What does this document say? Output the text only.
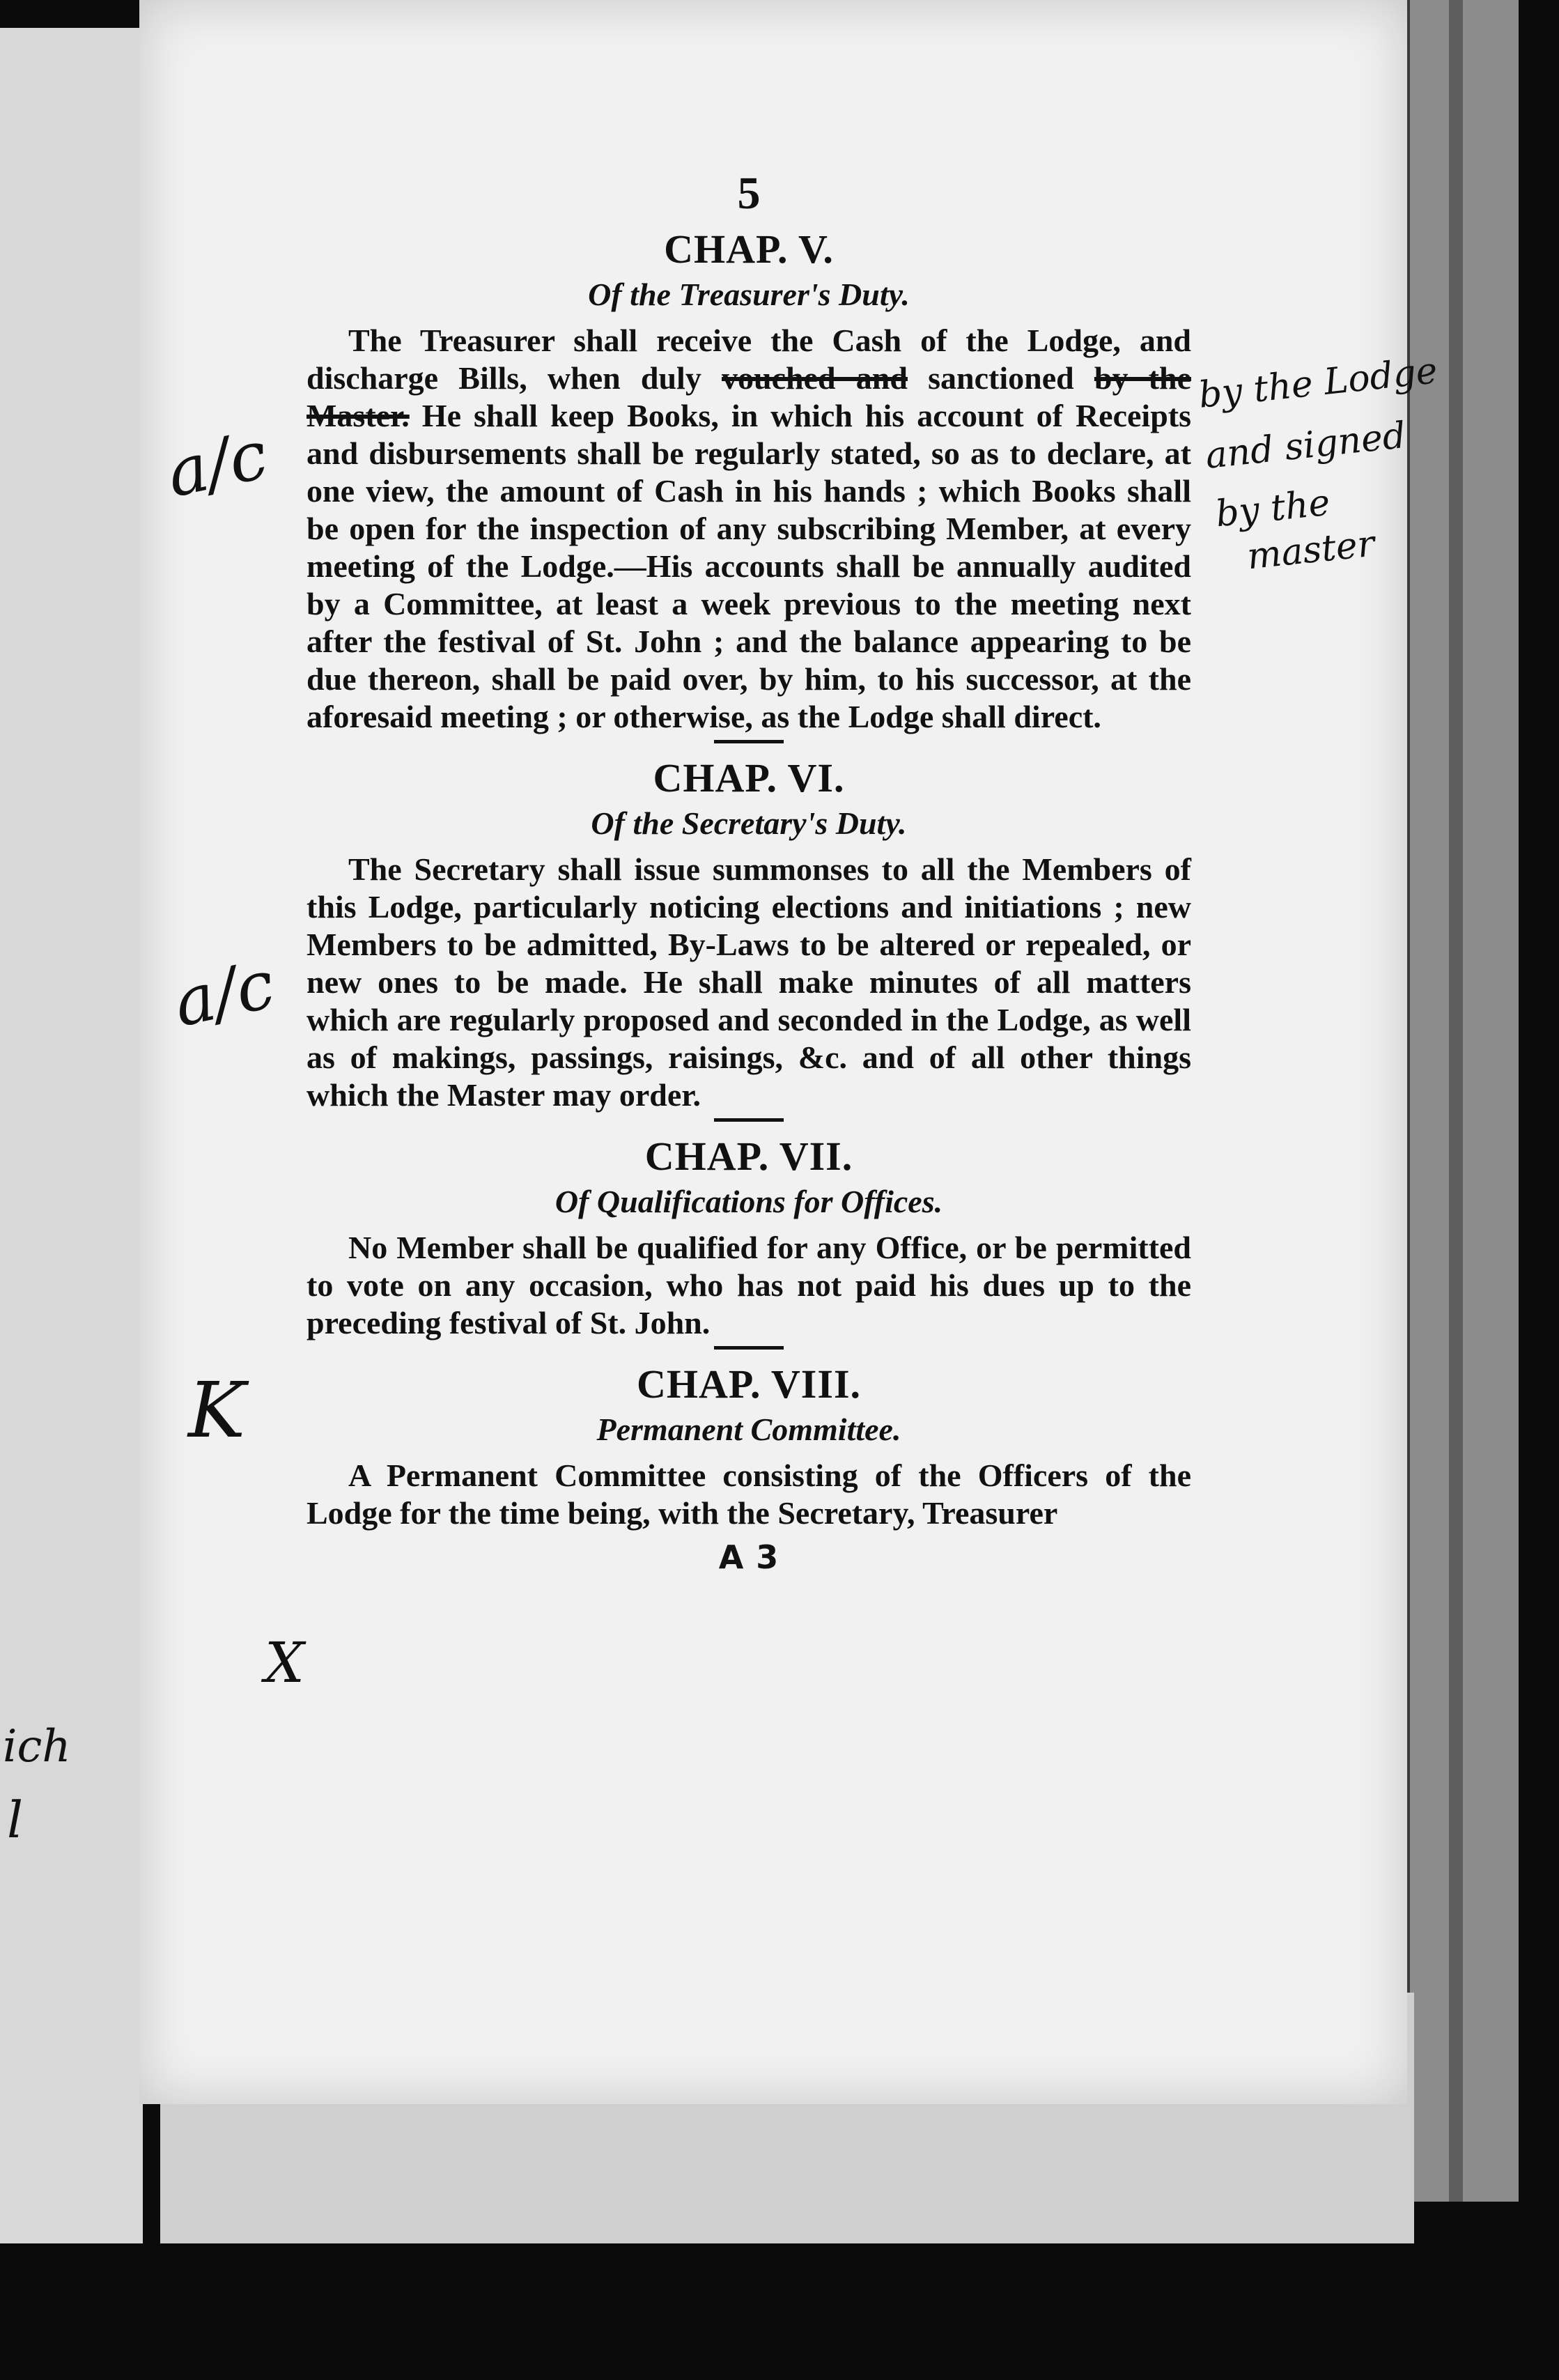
5

CHAP. V.

Of the Treasurer's Duty.

The Treasurer shall receive the Cash of the Lodge, and discharge Bills, when duly vouched and sanctioned by the Master. He shall keep Books, in which his account of Receipts and disbursements shall be regularly stated, so as to declare, at one view, the amount of Cash in his hands ; which Books shall be open for the inspection of any subscribing Member, at every meeting of the Lodge.—His accounts shall be annually audited by a Committee, at least a week previous to the meeting next after the festival of St. John ; and the balance appearing to be due thereon, shall be paid over, by him, to his successor, at the aforesaid meeting ; or otherwise, as the Lodge shall direct.

CHAP. VI.

Of the Secretary's Duty.

The Secretary shall issue summonses to all the Members of this Lodge, particularly noticing elections and initiations ; new Members to be admitted, By-Laws to be altered or repealed, or new ones to be made. He shall make minutes of all matters which are regularly proposed and seconded in the Lodge, as well as of makings, passings, raisings, &c. and of all other things which the Master may order.

CHAP. VII.

Of Qualifications for Offices.

No Member shall be qualified for any Office, or be permitted to vote on any occasion, who has not paid his dues up to the preceding festival of St. John.

CHAP. VIII.

Permanent Committee.

A Permanent Committee consisting of the Officers of the Lodge for the time being, with the Secretary, Treasurer

A 3

by the Lodge
and signed
by the
master
a/c
a/c
K
X
ich
l
